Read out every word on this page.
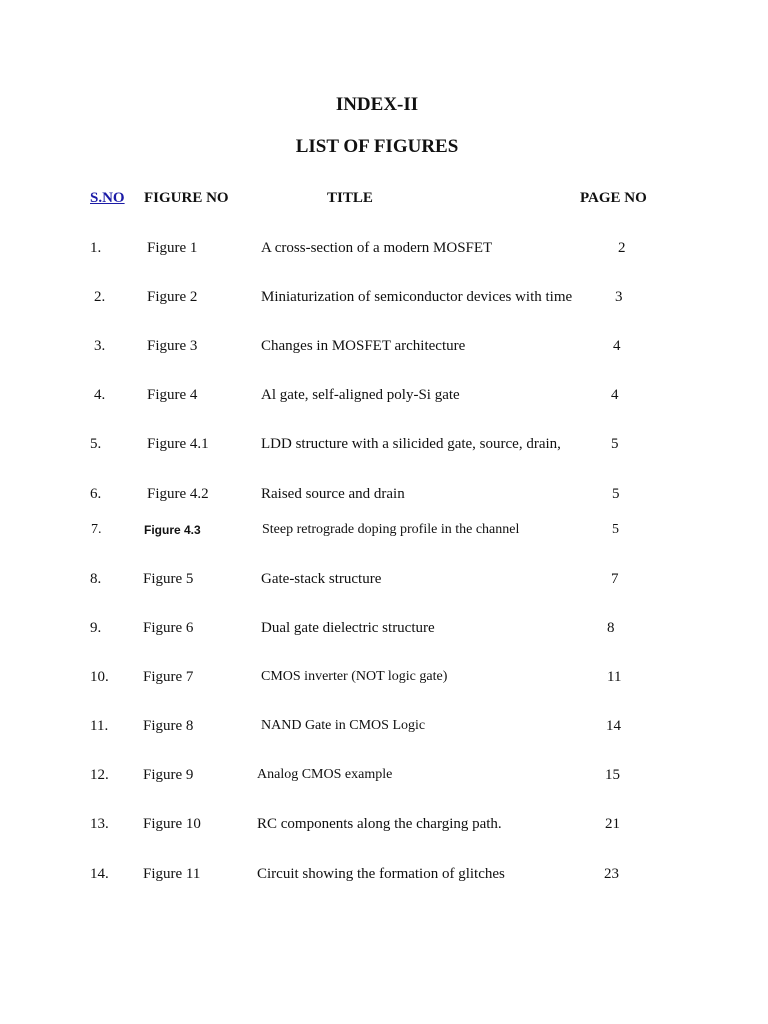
INDEX-II
LIST OF FIGURES
S.NO FIGURE NO	TITLE	PAGE NO
1.	Figure 1	A cross-section of a modern MOSFET	2
2.	Figure 2	Miniaturization of semiconductor devices with time	3
3.	Figure 3	Changes in MOSFET architecture	4
4.	Figure 4	Al gate, self-aligned poly-Si gate	4
5.	Figure 4.1	LDD structure with a silicided gate, source, drain,	5
6.	Figure 4.2	Raised source and drain	5
7.	Figure 4.3	Steep retrograde doping profile in the channel	5
8.	Figure 5	Gate-stack structure	7
9.	Figure 6	Dual gate dielectric structure	8
10. Figure 7	CMOS inverter (NOT logic gate)	11
11. Figure 8	NAND Gate in CMOS Logic	14
12. Figure 9	Analog CMOS example	15
13. Figure 10	RC components along the charging path.	21
14. Figure 11	Circuit showing the formation of glitches	23
